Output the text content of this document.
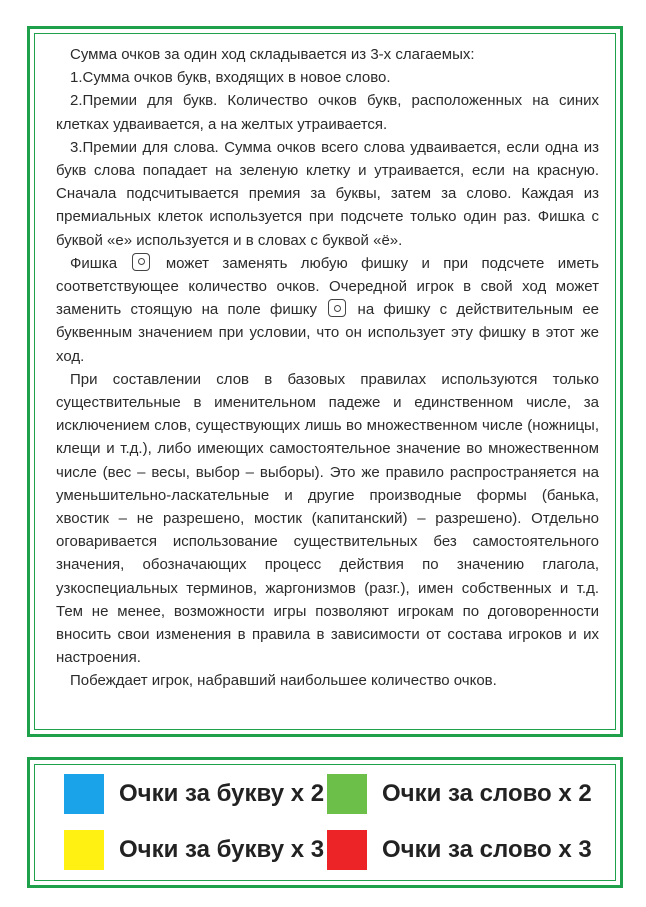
Сумма очков за один ход складывается из 3-х слагаемых:

1.Сумма очков букв, входящих в новое слово.

2.Премии для букв. Количество очков букв, расположенных на синих клетках удваивается, а на желтых утраивается.

3.Премии для слова. Сумма очков всего слова удваивается, если одна из букв слова попадает на зеленую клетку и утраивается, если на красную. Сначала подсчитывается премия за буквы, затем за слово. Каждая из премиальных клеток используется при подсчете только один раз. Фишка с буквой «е» используется и в словах с буквой «ё».

Фишка	может заменять любую фишку и при подсчете иметь соответствующее количество очков. Очередной игрок в свой ход может заменить стоящую на поле фишку	на фишку с действительным ее буквенным значением при условии, что он использует эту фишку в этот же ход.

При составлении слов в базовых правилах используются только существительные в именительном падеже и единственном числе, за исключением слов, существующих лишь во множественном числе (ножницы, клещи и т.д.), либо имеющих самостоятельное значение во множественном числе (вес – весы, выбор – выборы). Это же правило распространяется на уменьшительно-ласкательные и другие производные формы (банька, хвостик – не разрешено, мостик (капитанский) – разрешено). Отдельно оговаривается использование существительных без самостоятельного значения, обозначающих процесс действия по значению глагола, узкоспециальных терминов, жаргонизмов (разг.), имен собственных и т.д. Тем не менее, возможности игры позволяют игрокам по договоренности вносить свои изменения в правила в зависимости от состава игроков и их настроения.

Побеждает игрок, набравший наибольшее количество очков.

Очки за букву х 2 Очки за слово х 2
Очки за букву х 3 Очки за слово х 3
